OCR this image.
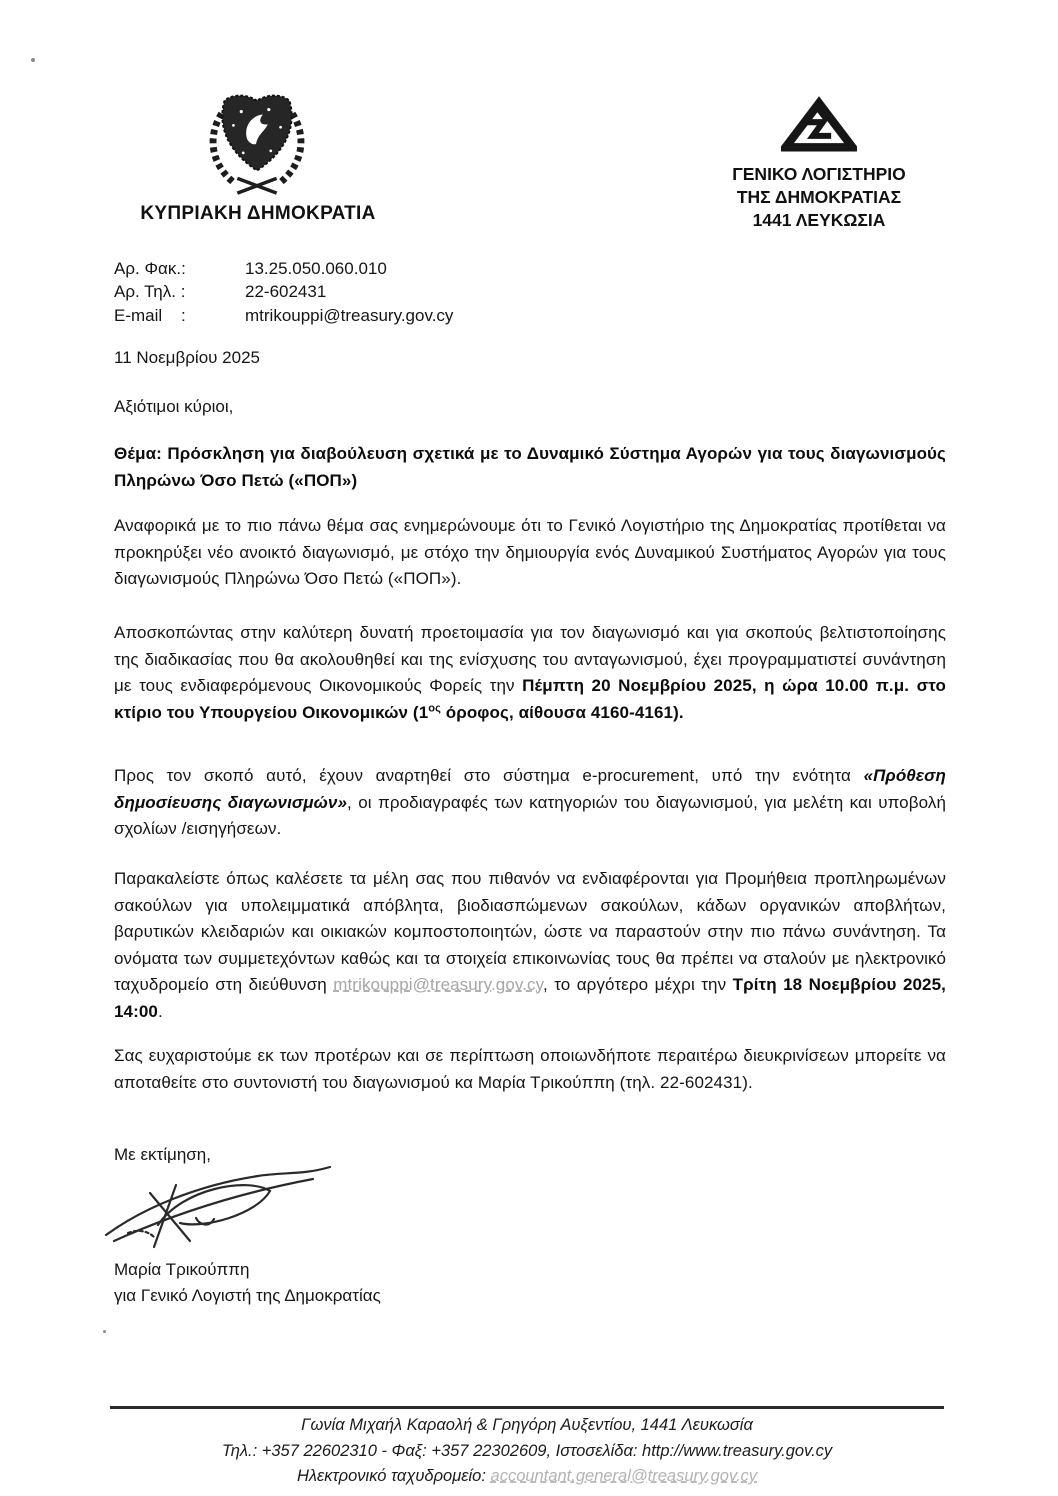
ΚΥΠΡΙΑΚΗ ΔΗΜΟΚΡΑΤΙΑ
ΓΕΝΙΚΟ ΛΟΓΙΣΤΗΡΙΟ
ΤΗΣ ΔΗΜΟΚΡΑΤΙΑΣ
1441 ΛΕΥΚΩΣΙΑ
Αρ. Φακ.:	13.25.050.060.010
Αρ. Τηλ. :	22-602431
E-mail    :	mtrikouppi@treasury.gov.cy
11 Νοεμβρίου 2025
Αξιότιμοι κύριοι,
Θέμα: Πρόσκληση για διαβούλευση σχετικά με το Δυναμικό Σύστημα Αγορών για τους διαγωνισμούς Πληρώνω Όσο Πετώ («ΠΟΠ»)
Αναφορικά με το πιο πάνω θέμα σας ενημερώνουμε ότι το Γενικό Λογιστήριο της Δημοκρατίας προτίθεται να προκηρύξει νέο ανοικτό διαγωνισμό, με στόχο την δημιουργία ενός Δυναμικού Συστήματος Αγορών για τους διαγωνισμούς Πληρώνω Όσο Πετώ («ΠΟΠ»).
Αποσκοπώντας στην καλύτερη δυνατή προετοιμασία για τον διαγωνισμό και για σκοπούς βελτιστοποίησης της διαδικασίας που θα ακολουθηθεί και της ενίσχυσης του ανταγωνισμού, έχει προγραμματιστεί συνάντηση με τους ενδιαφερόμενους Οικονομικούς Φορείς την Πέμπτη 20 Νοεμβρίου 2025, η ώρα 10.00 π.μ. στο κτίριο του Υπουργείου Οικονομικών ($1^{o\varsigma}$ όροφος, αίθουσα 4160-4161).
Προς τον σκοπό αυτό, έχουν αναρτηθεί στο σύστημα e-procurement, υπό την ενότητα «Πρόθεση δημοσίευσης διαγωνισμών», οι προδιαγραφές των κατηγοριών του διαγωνισμού, για μελέτη και υποβολή σχολίων /εισηγήσεων.
Παρακαλείστε όπως καλέσετε τα μέλη σας που πιθανόν να ενδιαφέρονται για Προμήθεια προπληρωμένων σακούλων για υπολειμματικά απόβλητα, βιοδιασπώμενων σακούλων, κάδων οργανικών αποβλήτων, βαρυτικών κλειδαριών και οικιακών κομποστοποιητών, ώστε να παραστούν στην πιο πάνω συνάντηση. Τα ονόματα των συμμετεχόντων καθώς και τα στοιχεία επικοινωνίας τους θα πρέπει να σταλούν με ηλεκτρονικό ταχυδρομείο στη διεύθυνση mtrikouppi@treasury.gov.cy, το αργότερο μέχρι την Τρίτη 18 Νοεμβρίου 2025, 14:00.
Σας ευχαριστούμε εκ των προτέρων και σε περίπτωση οποιωνδήποτε περαιτέρω διευκρινίσεων μπορείτε να αποταθείτε στο συντονιστή του διαγωνισμού κα Μαρία Τρικούππη (τηλ. 22-602431).
Με εκτίμηση,
Μαρία Τρικούππη
για Γενικό Λογιστή της Δημοκρατίας
Γωνία Μιχαήλ Καραολή & Γρηγόρη Αυξεντίου, 1441 Λευκωσία
Τηλ.: +357 22602310 - Φαξ: +357 22302609, Ιστοσελίδα: http://www.treasury.gov.cy
Ηλεκτρονικό ταχυδρομείο: accountant.general@treasury.gov.cy
